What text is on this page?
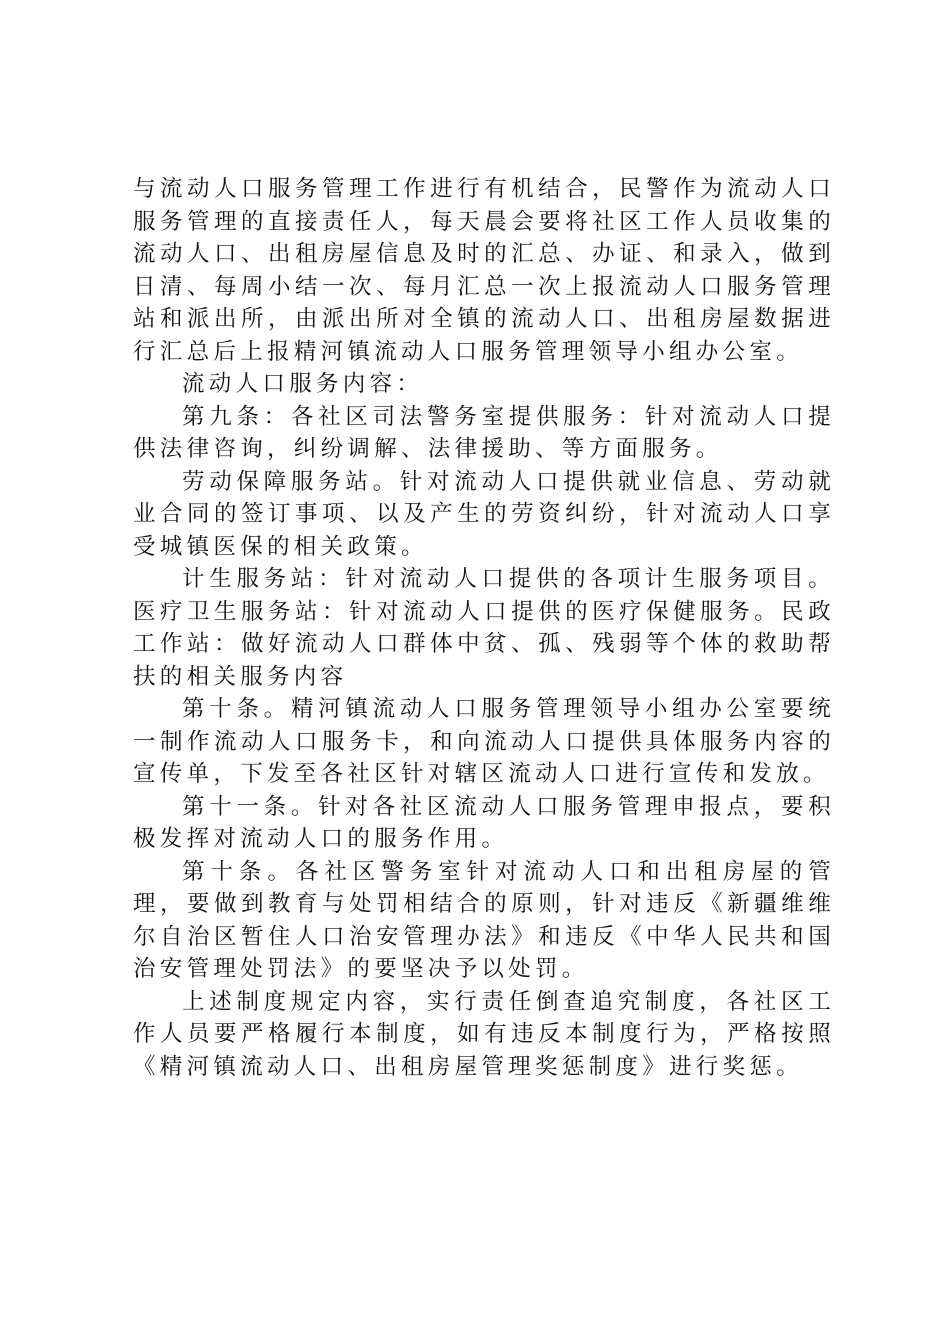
与流动人口服务管理工作进行有机结合，民警作为流动人口服务管理的直接责任人，每天晨会要将社区工作人员收集的流动人口、出租房屋信息及时的汇总、办证、和录入，做到日清、每周小结一次、每月汇总一次上报流动人口服务管理站和派出所，由派出所对全镇的流动人口、出租房屋数据进行汇总后上报精河镇流动人口服务管理领导小组办公室。

流动人口服务内容：

第九条：各社区司法警务室提供服务：针对流动人口提供法律咨询，纠纷调解、法律援助、等方面服务。

劳动保障服务站。针对流动人口提供就业信息、劳动就业合同的签订事项、以及产生的劳资纠纷，针对流动人口享受城镇医保的相关政策。

计生服务站：针对流动人口提供的各项计生服务项目。医疗卫生服务站：针对流动人口提供的医疗保健服务。民政工作站：做好流动人口群体中贫、孤、残弱等个体的救助帮扶的相关服务内容

第十条。精河镇流动人口服务管理领导小组办公室要统一制作流动人口服务卡，和向流动人口提供具体服务内容的宣传单，下发至各社区针对辖区流动人口进行宣传和发放。

第十一条。针对各社区流动人口服务管理申报点，要积极发挥对流动人口的服务作用。

第十条。各社区警务室针对流动人口和出租房屋的管理，要做到教育与处罚相结合的原则，针对违反《新疆维维尔自治区暂住人口治安管理办法》和违反《中华人民共和国治安管理处罚法》的要坚决予以处罚。

上述制度规定内容，实行责任倒查追究制度，各社区工作人员要严格履行本制度，如有违反本制度行为，严格按照《精河镇流动人口、出租房屋管理奖惩制度》进行奖惩。
